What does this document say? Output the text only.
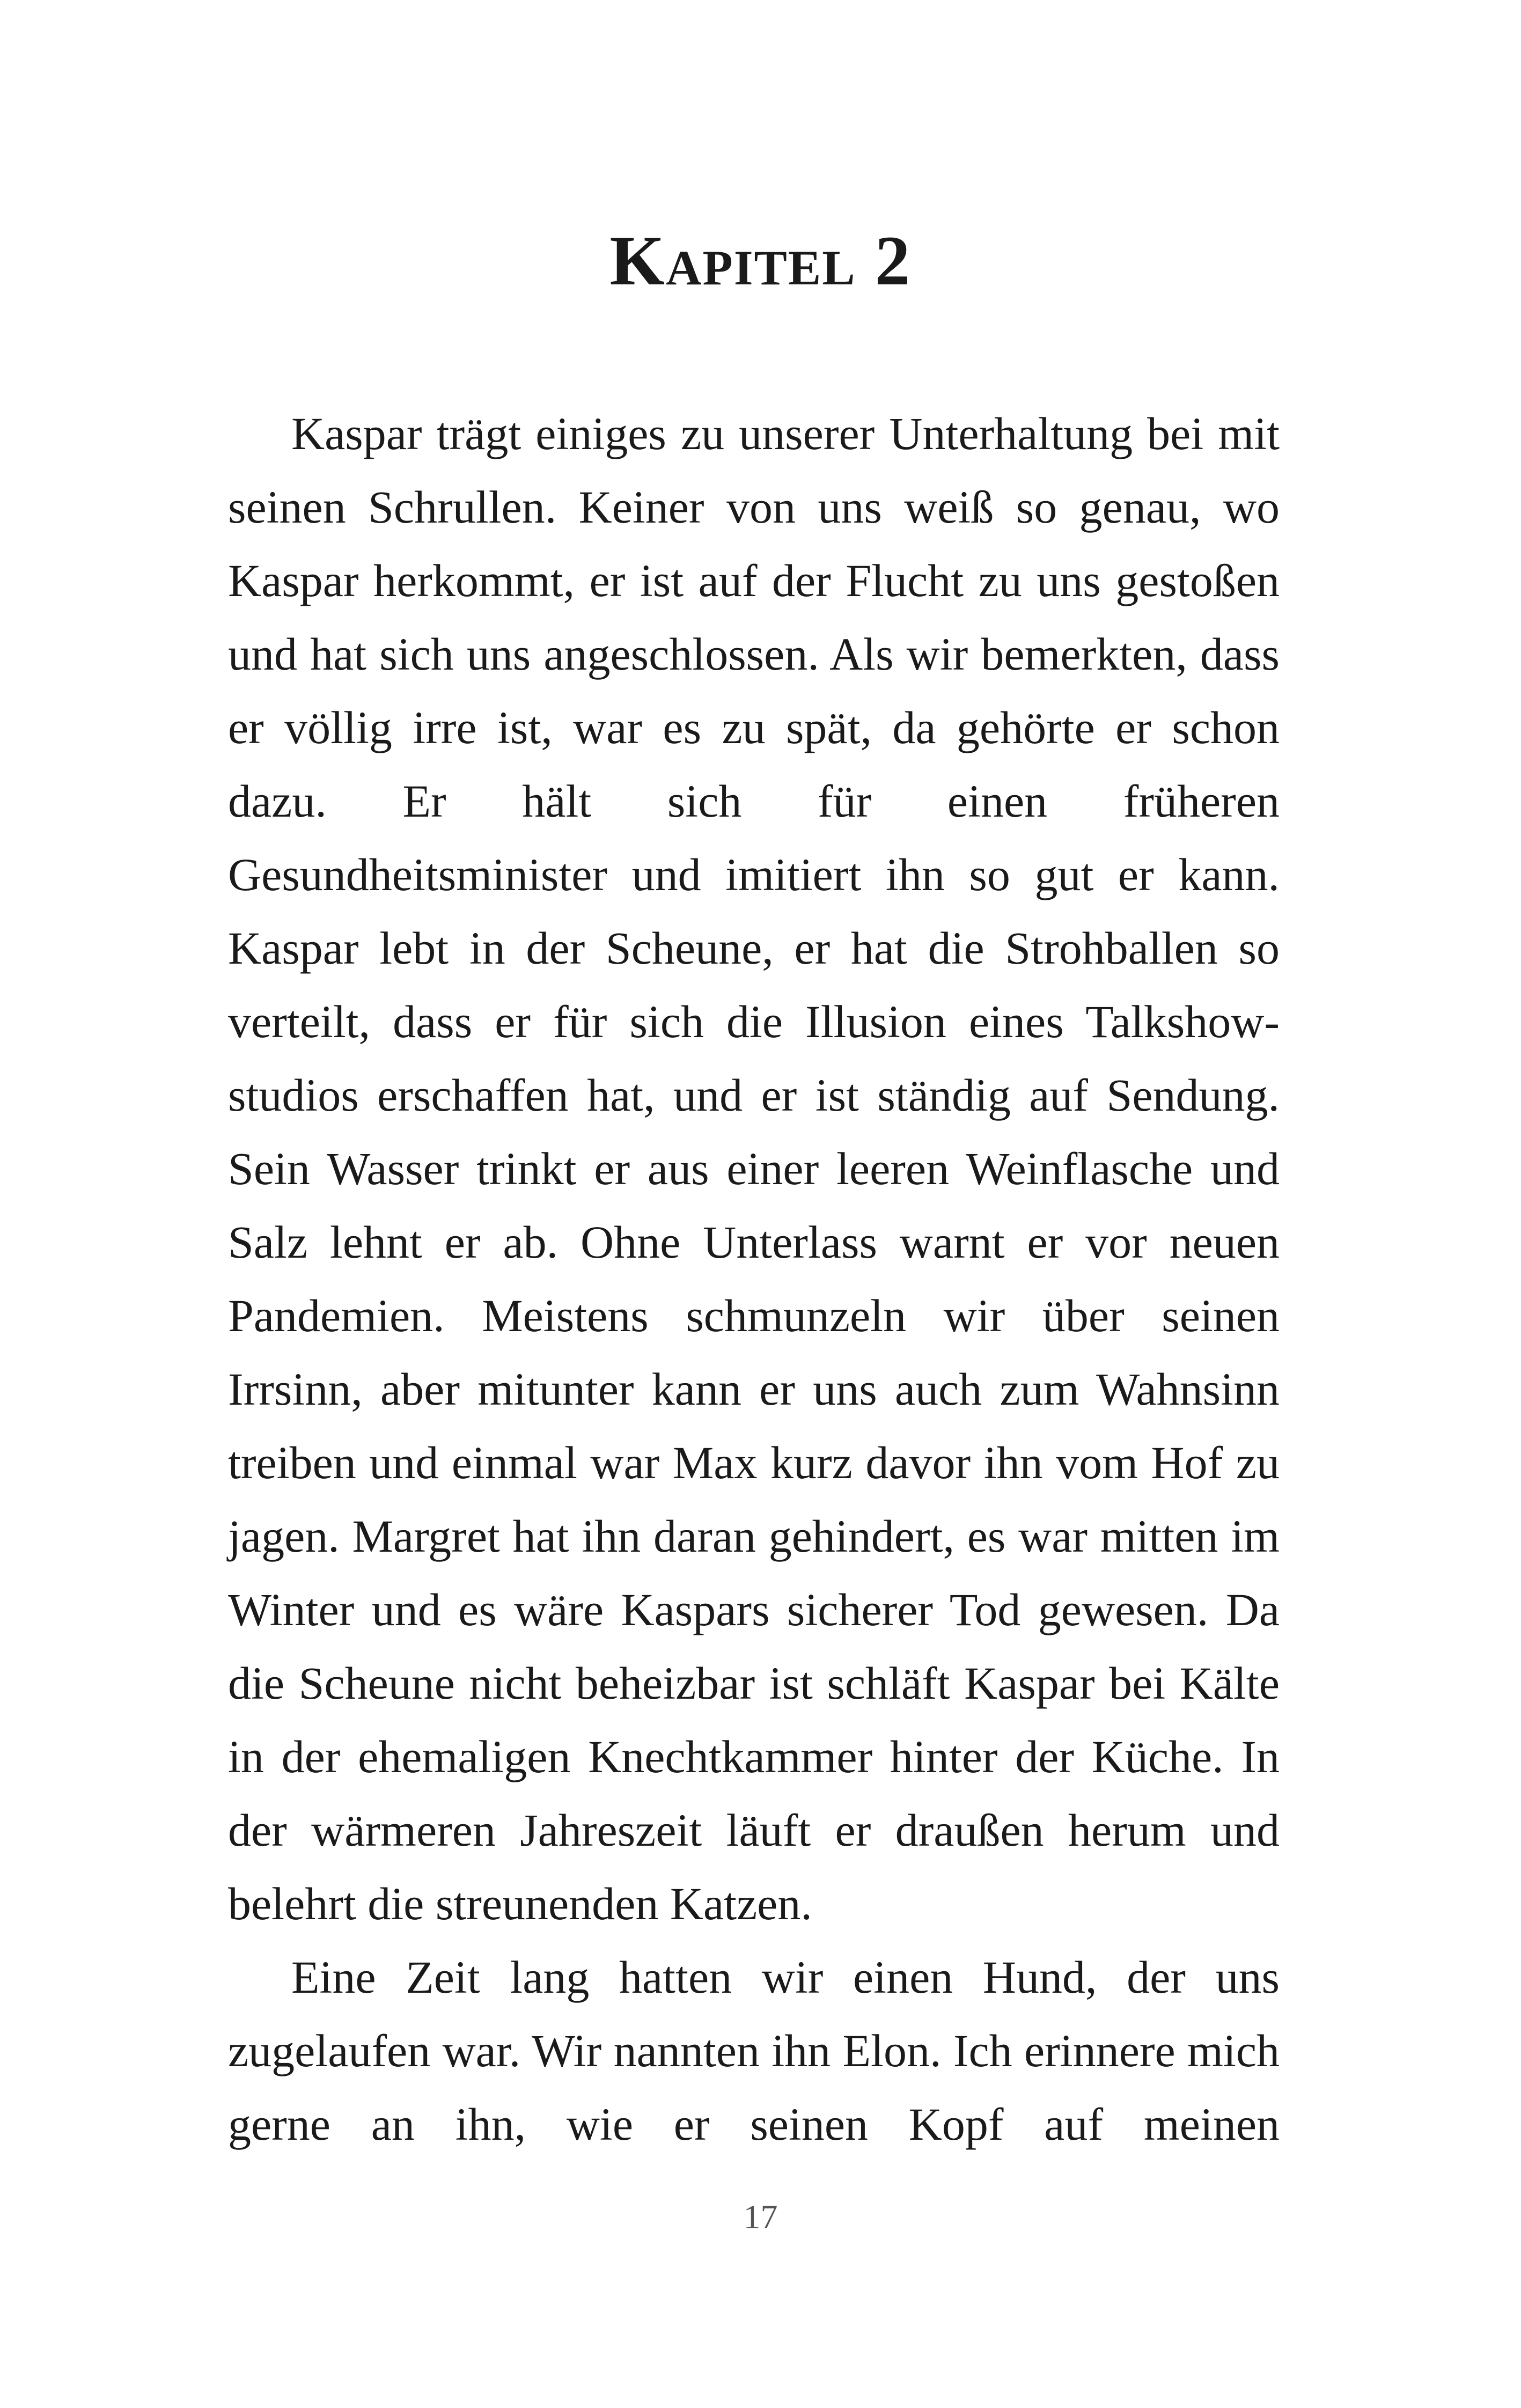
Kapitel 2

Kaspar trägt einiges zu unserer Unterhaltung bei mit seinen Schrullen. Keiner von uns weiß so genau, wo Kaspar herkommt, er ist auf der Flucht zu uns gestoßen und hat sich uns angeschlossen. Als wir bemerkten, dass er völlig irre ist, war es zu spät, da gehörte er schon dazu. Er hält sich für einen früheren Gesundheitsminister und imitiert ihn so gut er kann. Kaspar lebt in der Scheune, er hat die Strohballen so verteilt, dass er für sich die Illusion eines Talkshowstudios erschaffen hat, und er ist ständig auf Sendung. Sein Wasser trinkt er aus einer leeren Weinflasche und Salz lehnt er ab. Ohne Unterlass warnt er vor neuen Pandemien. Meistens schmunzeln wir über seinen Irrsinn, aber mitunter kann er uns auch zum Wahnsinn treiben und einmal war Max kurz davor ihn vom Hof zu jagen. Margret hat ihn daran gehindert, es war mitten im Winter und es wäre Kaspars sicherer Tod gewesen. Da die Scheune nicht beheizbar ist schläft Kaspar bei Kälte in der ehemaligen Knechtkammer hinter der Küche. In der wärmeren Jahreszeit läuft er draußen herum und belehrt die streunenden Katzen.

Eine Zeit lang hatten wir einen Hund, der uns zugelaufen war. Wir nannten ihn Elon. Ich erinnere mich gerne an ihn, wie er seinen Kopf auf meinen

17
